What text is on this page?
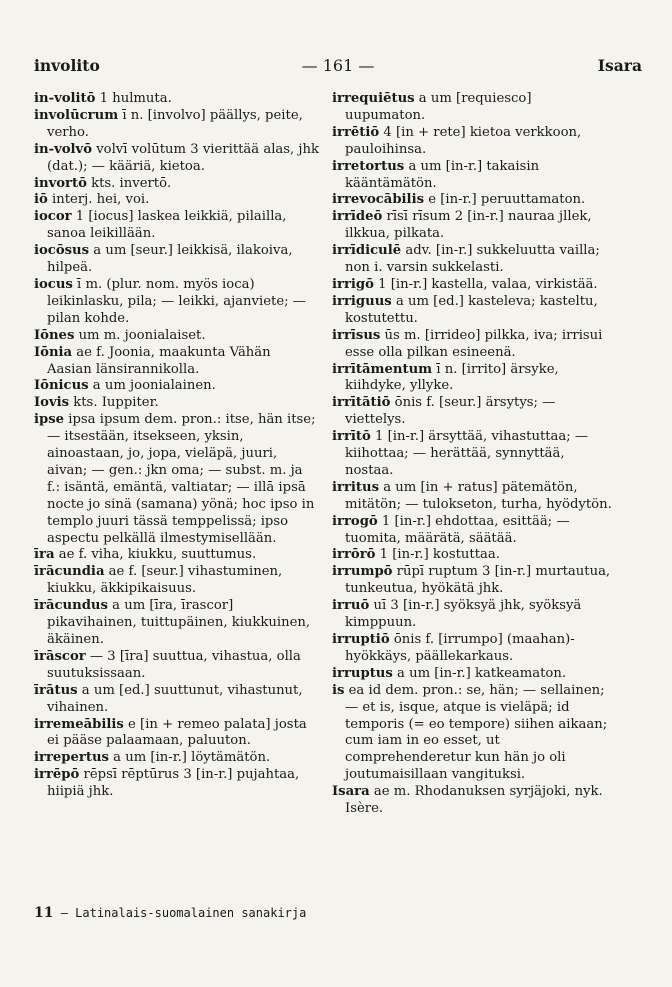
involito	— 161 —	Isara

in-volitō 1 hulmuta.

involūcrum ī n. [involvo] päällys, peite, verho.

in-volvō volvī volūtum 3 vierittää alas, jhk (dat.); — kääriä, kietoa.

invortō kts. invertō.

iō interj. hei, voi.

iocor 1 [iocus] laskea leikkiä, pilailla, sanoa leikillään.

iocōsus a um [seur.] leikkisä, ilakoiva, hilpeä.

iocus ī m. (plur. nom. myös ioca) leikinlasku, pila; — leikki, ajanviete; — pilan kohde.

Iōnes um m. joonialaiset.

Iōnia ae f. Joonia, maakunta Vähän Aasian länsirannikolla.

Iōnicus a um joonialainen.

Iovis kts. Iuppiter.

ipse ipsa ipsum dem. pron.: itse, hän itse; — itsestään, itsekseen, yksin, ainoastaan, jo, jopa, vieläpä, juuri, aivan; — gen.: jkn oma; — subst. m. ja f.: isäntä, emäntä, valtiatar; — illā ipsā nocte jo sinä (samana) yönä; hoc ipso in templo juuri tässä temppelissä; ipso aspectu pelkällä ilmestymisellään.

īra ae f. viha, kiukku, suuttumus.

īrācundia ae f. [seur.] vihastuminen, kiukku, äkkipikaisuus.

īrācundus a um [īra, īrascor] pikavihainen, tuittupäinen, kiukkuinen, äkäinen.

īrāscor — 3 [īra] suuttua, vihastua, olla suutuksissaan.

īrātus a um [ed.] suuttunut, vihastunut, vihainen.

irremeābilis e [in + remeo palata] josta ei pääse palaamaan, paluuton.

irrepertus a um [in-r.] löytämätön.

irrēpō rēpsī rēptūrus 3 [in-r.] pujahtaa, hiipiä jhk.

irrequiētus a um [requiesco] uupumaton.

irrētiō 4 [in + rete] kietoa verkkoon, pauloihinsa.

irretortus a um [in-r.] takaisin kääntämätön.

irrevocābilis e [in-r.] peruuttamaton.

irrīdeō rīsī rīsum 2 [in-r.] nauraa jllek, ilkkua, pilkata.

irrīdiculē adv. [in-r.] sukkeluutta vailla; non i. varsin sukkelasti.

irrigō 1 [in-r.] kastella, valaa, virkistää.

irriguus a um [ed.] kasteleva; kasteltu, kostutettu.

irrīsus ūs m. [irrideo] pilkka, iva; irrisui esse olla pilkan esineenä.

irrītāmentum ī n. [irrito] ärsyke, kiihdyke, yllyke.

irrītātiō ōnis f. [seur.] ärsytys; — viettelys.

irrītō 1 [in-r.] ärsyttää, vihastuttaa; — kiihottaa; — herättää, synnyttää, nostaa.

irritus a um [in + ratus] pätemätön, mitätön; — tulokseton, turha, hyödytön.

irrogō 1 [in-r.] ehdottaa, esittää; — tuomita, määrätä, säätää.

irrōrō 1 [in-r.] kostuttaa.

irrumpō rūpī ruptum 3 [in-r.] murtautua, tunkeutua, hyökätä jhk.

irruō uī 3 [in-r.] syöksyä jhk, syöksyä kimppuun.

irruptiō ōnis f. [irrumpo] (maahan)-hyökkäys, päällekarkaus.

irruptus a um [in-r.] katkeamaton.

is ea id dem. pron.: se, hän; — sellainen; — et is, isque, atque is vieläpä; id temporis (= eo tempore) siihen aikaan; cum iam in eo esset, ut comprehenderetur kun hän jo oli joutumaisillaan vangituksi.

Isara ae m. Rhodanuksen syrjäjoki, nyk. Isère.

11 – Latinalais-suomalainen sanakirja
